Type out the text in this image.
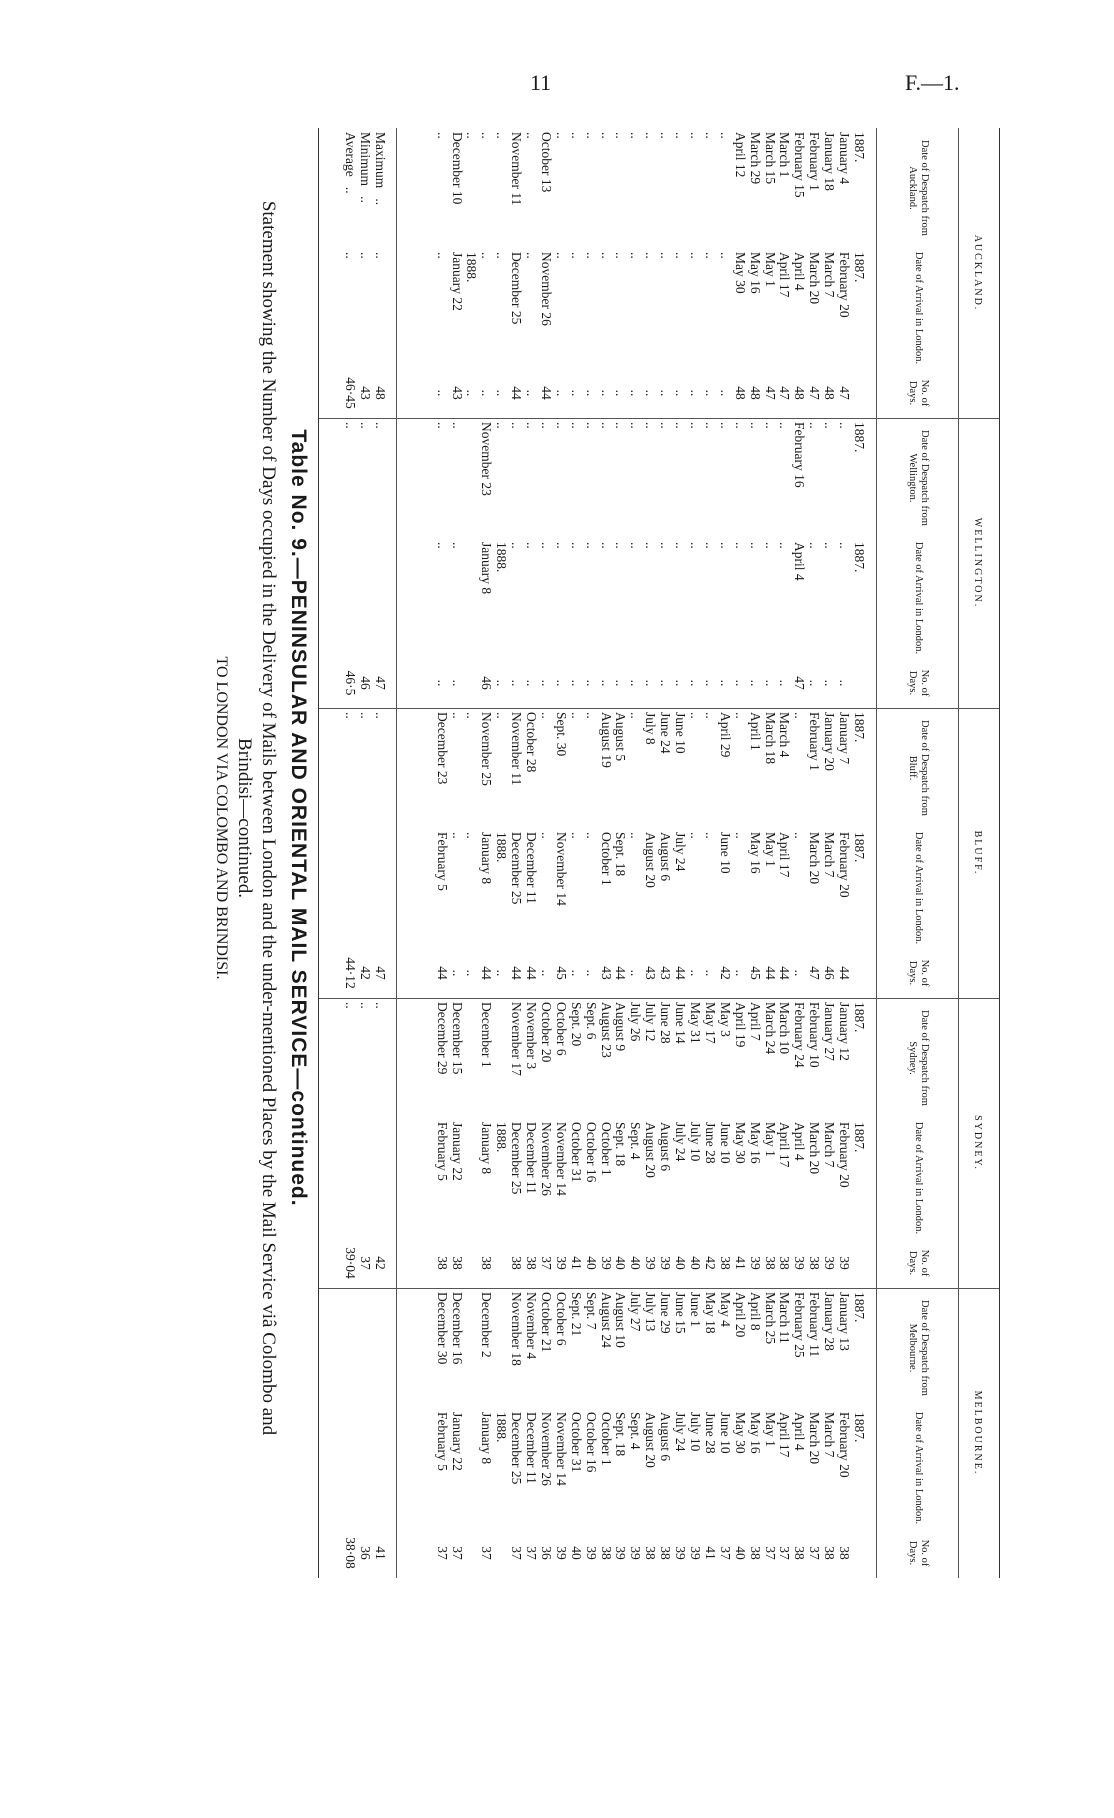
11	F.—1.
Date of Despatch from Auckland.
1887.
January 4
January 18
February 1
February 15
March 1
March 15
March 29
April 12
..
..
..
..
..
..
..
..
..
..
..
..
October 13
..
November 11
..
..
..
December 10
..
Maximum   ..
Minimum   ..
Average   ..
Date of Arrival in London.
1887.
February 20
March 7
March 20
April 4
April 17
May 1
May 16
May 30
..
..
..
..
..
..
..
..
..
..
..
..
November 26
..
December 25
..
..
1888.
January 22
..
..
..
..
No. of Days.

47
48
47
48
47
47
48
48
..
..
..
..
..
..
..
..
..
..
..
..
44
..
44
..
..
..
43
..
48
43
46·45
AUCKLAND.
Date of Despatch from Wellington.
1887.
..
..
..
February 16
..
..
..
..
..
..
..
..
..
..
..
..
..
..
..
..
..
..
..
..
November 23

..
..
..
..
..
Date of Arrival in London.
1887.
..
..
..
April 4
..
..
..
..
..
..
..
..
..
..
..
..
..
..
..
..
..
..
..
1888.
January 8

..
..

No. of Days.

..
..
..
47
..
..
..
..
..
..
..
..
..
..
..
..
..
..
..
..
..
..
..
..
46

..
..
47
46
46·5
WELLINGTON.
Date of Despatch from Bluff.
1887.
January 7
January 20
February 1
..
March 4
March 18
April 1
..
April 29
..
..
June 10
June 24
July 8
..
August 5
August 19
..
..
Sept. 30
..
October 28
November 11
..
November 25
..
..
December 23
..
..
..
Date of Arrival in London.
1887.
February 20
March 7
March 20
..
April 17
May 1
May 16
..
June 10
..
..
July 24
August 6
August 20
..
Sept. 18
October 1
..
..
November 14
..
December 11
December 25
1888.
January 8
..
..
February 5

No. of Days.

44
46
47
..
44
44
45
..
42
..
..
44
43
43
..
44
43
..
..
45
..
44
44
..
44
..
..
44
47
42
44·12
BLUFF.
Date of Despatch from Sydney.
1887.
January 12
January 27
February 10
February 24
March 10
March 24
April 7
April 19
May 3
May 17
May 31
June 14
June 28
July 12
July 26
August 9
August 23
Sept. 6
Sept. 20
October 6
October 20
November 3
November 17

December 1

December 15
December 29
..
..
..
Date of Arrival in London.
1887.
February 20
March 7
March 20
April 4
April 17
May 1
May 16
May 30
June 10
June 28
July 10
July 24
August 6
August 20
Sept. 4
Sept. 18
October 1
October 16
October 31
November 14
November 26
December 11
December 25
1888.
January 8

January 22
February 5

No. of Days.

39
39
38
39
38
38
39
41
38
42
40
40
39
39
40
40
39
40
41
39
37
38
38

38

38
38
42
37
39·04
SYDNEY.
Date of Despatch from Melbourne.
1887.
January 13
January 28
February 11
February 25
March 11
March 25
April 8
April 20
May 4
May 18
June 1
June 15
June 29
July 13
July 27
August 10
August 24
Sept. 7
Sept. 21
October 6
October 21
November 4
November 18

December 2

December 16
December 30

Date of Arrival in London.
1887.
February 20
March 7
March 20
April 4
April 17
May 1
May 16
May 30
June 10
June 28
July 10
July 24
August 6
August 20
Sept. 4
Sept. 18
October 1
October 16
October 31
November 14
November 26
December 11
December 25
1888.
January 8

January 22
February 5

No. of Days.

38
38
37
38
37
37
38
40
37
41
39
39
38
38
39
39
38
39
40
39
36
37
37

37

37
37
41
36
38·08
MELBOURNE.
Table No. 9.—PENINSULAR AND ORIENTAL MAIL SERVICE—continued.
Statement showing the Number of Days occupied in the Delivery of Mails between London and the under-mentioned Places by the Mail Service viâ Colombo and
Brindisi—continued.
TO LONDON VIA COLOMBO AND BRINDISI.
